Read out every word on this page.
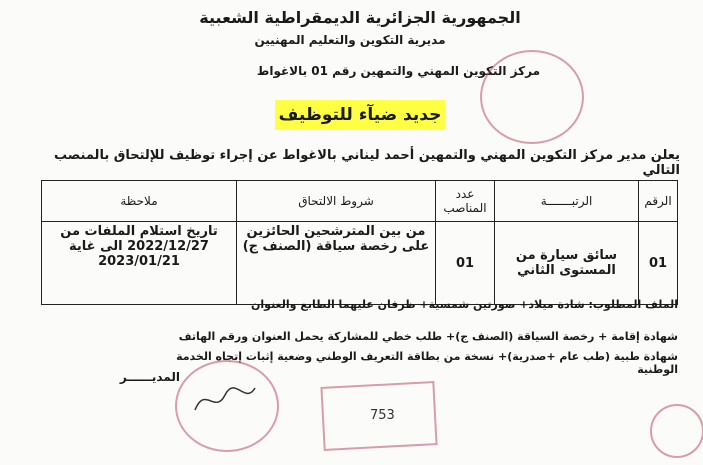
الجمهورية الجزائرية الديمقراطية الشعبية
مديرية التكوين والتعليم المهنيين
مركز التكوين المهني والتمهين رقم 01 بالاغواط
جديد ضيآء للتوظيف
يعلن مدير مركز التكوين المهني والتمهين أحمد ليناني بالاغواط عن إجراء توظيف للإلتحاق بالمنصب التالي
الرقم	الرتبـــــــة	عدد المناصب	شروط الالتحاق	ملاحظة
01	سائق سيارة من المستوى الثاني	01	من بين المترشحين الحائزين على رخصة سياقة (الصنف ج)	تاريخ استلام الملفات من 2022/12/27 الى غاية 2023/01/21
الملف المطلوب: شادة ميلاد+ صورتين شمسية+ ظرفان عليهما الطابع والعنوان
شهادة إقامة + رخصة السياقة (الصنف ج)+ طلب خطي للمشاركة يحمل العنوان ورقم الهاتف
شهادة طبية (طب عام +صدرية)+ نسخة من بطاقة التعريف الوطني وضعية إثبات إتجاه الخدمة الوطنية
المديــــــر
753
